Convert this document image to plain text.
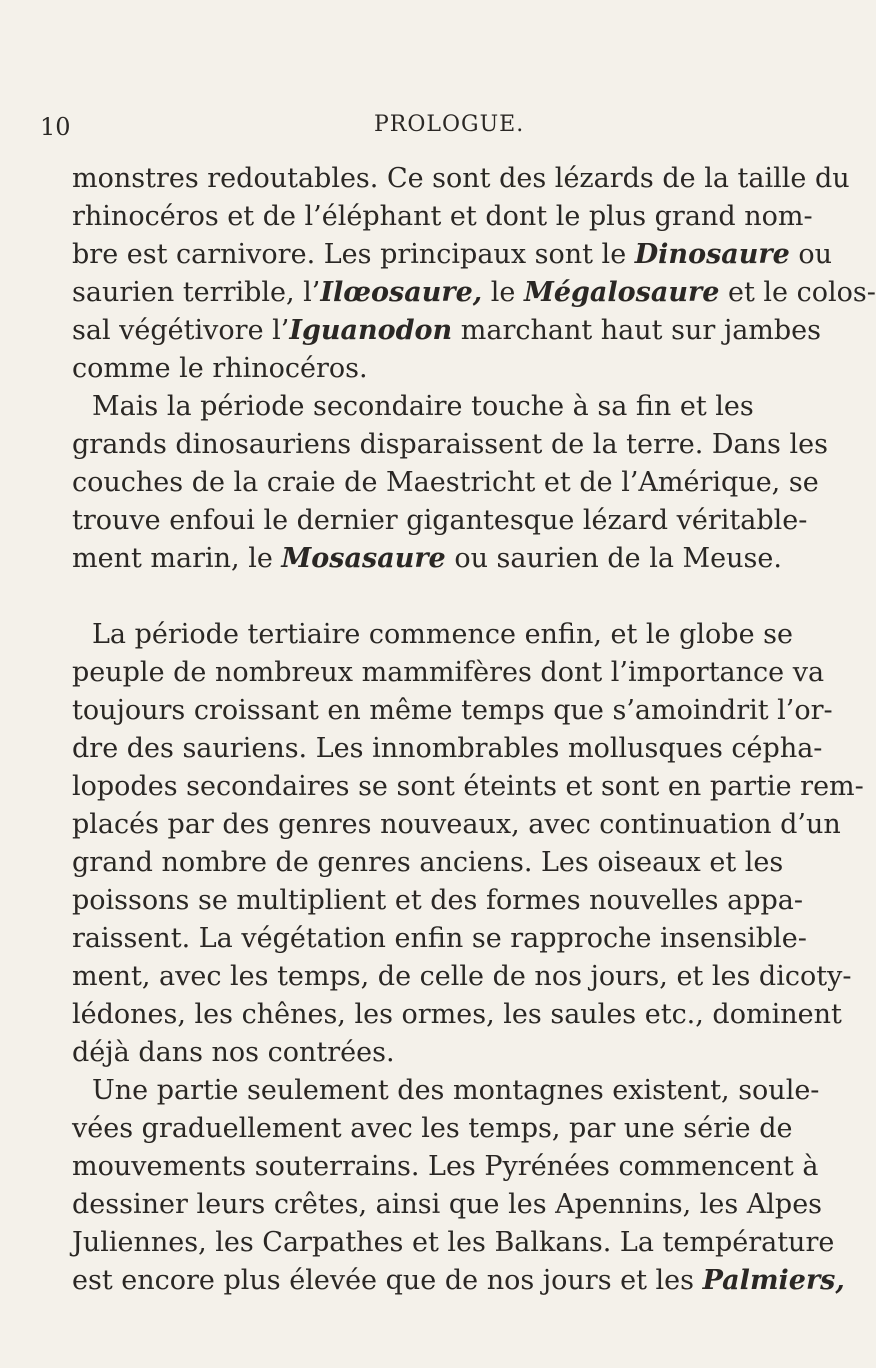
10	PROLOGUE.
monstres redoutables. Ce sont des lézards de la taille du
rhinocéros et de l’éléphant et dont le plus grand nom-
bre est carnivore. Les principaux sont le Dinosaure ou
saurien terrible, l’Ilœosaure, le Mégalosaure et le colos-
sal végétivore l’Iguanodon marchant haut sur jambes
comme le rhinocéros.
Mais la période secondaire touche à sa fin et les
grands dinosauriens disparaissent de la terre. Dans les
couches de la craie de Maestricht et de l’Amérique, se
trouve enfoui le dernier gigantesque lézard véritable-
ment marin, le Mosasaure ou saurien de la Meuse.
La période tertiaire commence enfin, et le globe se
peuple de nombreux mammifères dont l’importance va
toujours croissant en même temps que s’amoindrit l’or-
dre des sauriens. Les innombrables mollusques cépha-
lopodes secondaires se sont éteints et sont en partie rem-
placés par des genres nouveaux, avec continuation d’un
grand nombre de genres anciens. Les oiseaux et les
poissons se multiplient et des formes nouvelles appa-
raissent. La végétation enfin se rapproche insensible-
ment, avec les temps, de celle de nos jours, et les dicoty-
lédones, les chênes, les ormes, les saules etc., dominent
déjà dans nos contrées.
Une partie seulement des montagnes existent, soule-
vées graduellement avec les temps, par une série de
mouvements souterrains. Les Pyrénées commencent à
dessiner leurs crêtes, ainsi que les Apennins, les Alpes
Juliennes, les Carpathes et les Balkans. La température
est encore plus élevée que de nos jours et les Palmiers,
